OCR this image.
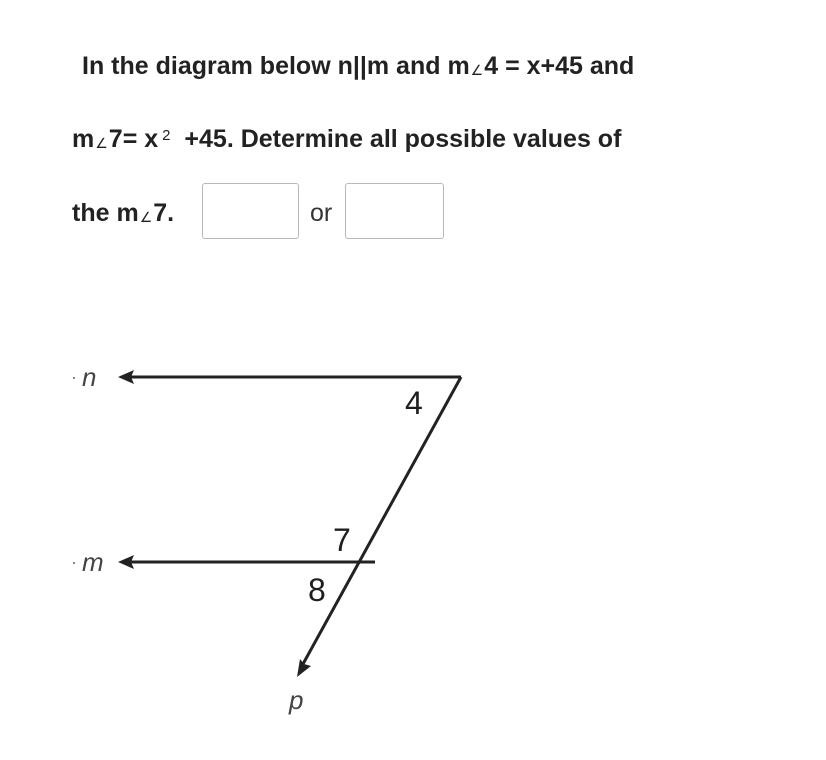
In the diagram below n||m and m∠4 = x+45 and
m∠7= x $^2$ +45. Determine all possible values of
the m∠7.	or
n
m
p
4
7
8
